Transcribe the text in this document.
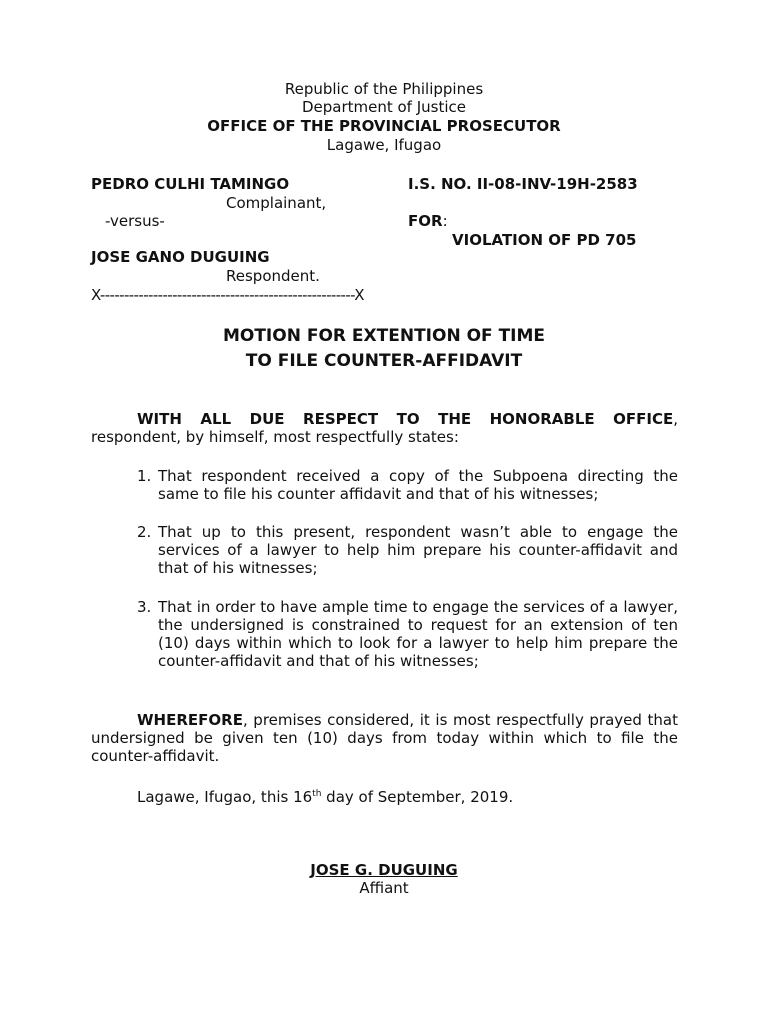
Republic of the Philippines
Department of Justice
OFFICE OF THE PROVINCIAL PROSECUTOR
Lagawe, Ifugao
PEDRO CULHI TAMINGO
Complainant,
-versus-
JOSE GANO DUGUING
Respondent.
X-----------------------------------------------------X
I.S. NO. II-08-INV-19H-2583
FOR:
VIOLATION OF PD 705
MOTION FOR EXTENTION OF TIME
TO FILE COUNTER-AFFIDAVIT
WITH ALL DUE RESPECT TO THE HONORABLE OFFICE, respondent, by himself, most respectfully states:
1. That respondent received a copy of the Subpoena directing the same to file his counter affidavit and that of his witnesses;
2. That up to this present, respondent wasn’t able to engage the services of a lawyer to help him prepare his counter-affidavit and that of his witnesses;
3. That in order to have ample time to engage the services of a lawyer, the undersigned is constrained to request for an extension of ten (10) days within which to look for a lawyer to help him prepare the counter-affidavit and that of his witnesses;
WHEREFORE, premises considered, it is most respectfully prayed that undersigned be given ten (10) days from today within which to file the counter-affidavit.
Lagawe, Ifugao, this 16th day of September, 2019.
JOSE G. DUGUING
Affiant
